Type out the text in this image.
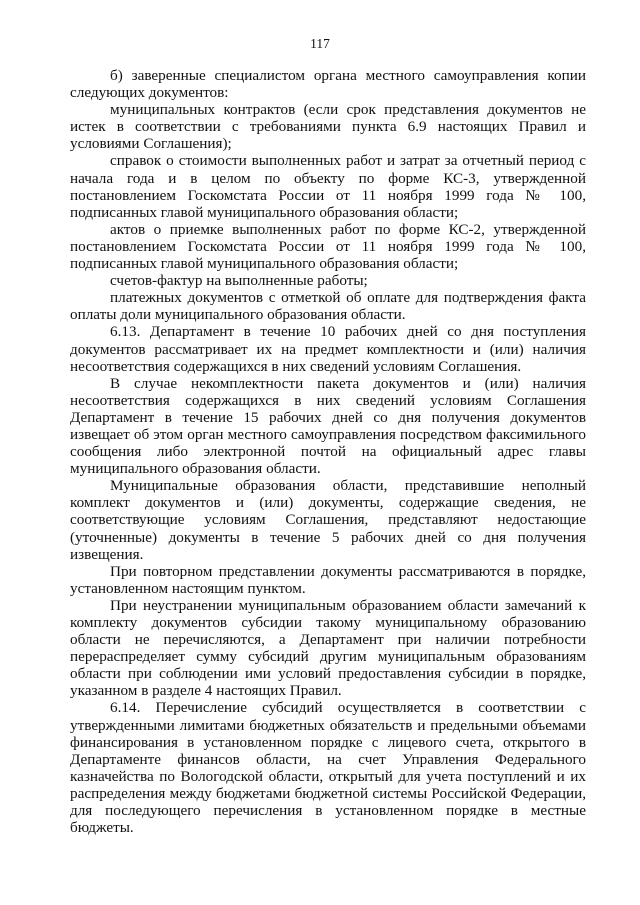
117

б) заверенные специалистом органа местного самоуправления копии следующих документов:

муниципальных контрактов (если срок представления документов не истек в соответствии с требованиями пункта 6.9 настоящих Правил и условиями Соглашения);

справок о стоимости выполненных работ и затрат за отчетный период с начала года и в целом по объекту по форме КС-3, утвержденной постановлением Госкомстата России от 11 ноября 1999 года № 100, подписанных главой муниципального образования области;

актов о приемке выполненных работ по форме КС-2, утвержденной постановлением Госкомстата России от 11 ноября 1999 года № 100, подписанных главой муниципального образования области;

счетов-фактур на выполненные работы;

платежных документов с отметкой об оплате для подтверждения факта оплаты доли муниципального образования области.

6.13. Департамент в течение 10 рабочих дней со дня поступления документов рассматривает их на предмет комплектности и (или) наличия несоответствия содержащихся в них сведений условиям Соглашения.

В случае некомплектности пакета документов и (или) наличия несоответствия содержащихся в них сведений условиям Соглашения Департамент в течение 15 рабочих дней со дня получения документов извещает об этом орган местного самоуправления посредством факсимильного сообщения либо электронной почтой на официальный адрес главы муниципального образования области.

Муниципальные образования области, представившие неполный комплект документов и (или) документы, содержащие сведения, не соответствующие условиям Соглашения, представляют недостающие (уточненные) документы в течение 5 рабочих дней со дня получения извещения.

При повторном представлении документы рассматриваются в порядке, установленном настоящим пунктом.

При неустранении муниципальным образованием области замечаний к комплекту документов субсидии такому муниципальному образованию области не перечисляются, а Департамент при наличии потребности перераспределяет сумму субсидий другим муниципальным образованиям области при соблюдении ими условий предоставления субсидии в порядке, указанном в разделе 4 настоящих Правил.

6.14. Перечисление субсидий осуществляется в соответствии с утвержденными лимитами бюджетных обязательств и предельными объемами финансирования в установленном порядке с лицевого счета, открытого в Департаменте финансов области, на счет Управления Федерального казначейства по Вологодской области, открытый для учета поступлений и их распределения между бюджетами бюджетной системы Российской Федерации, для последующего перечисления в установленном порядке в местные бюджеты.
